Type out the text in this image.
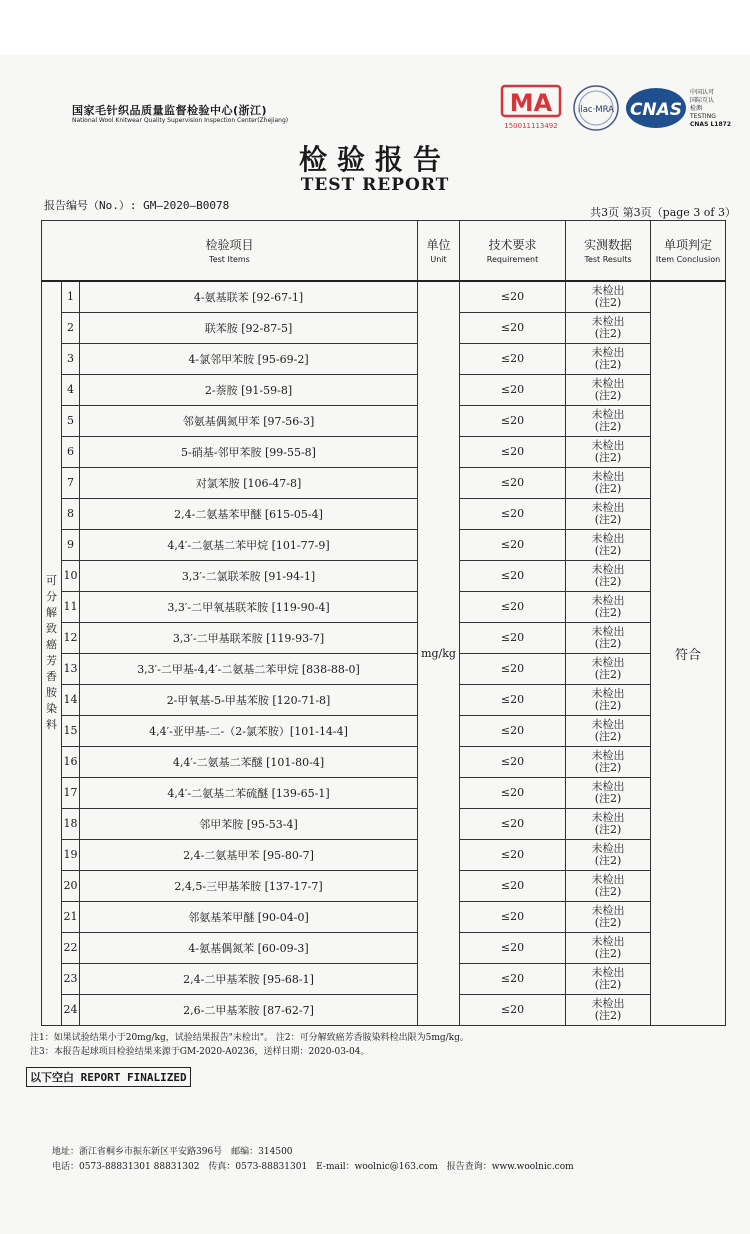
国家毛针织品质量监督检验中心(浙江)
National Wool Knitwear Quality Supervision Inspection Center(Zhejiang)
MA
150011113492
ilac·MRA CNAS
中国认可
国际互认
检测
TESTING
CNAS L1872
检验报告
TEST REPORT
报告编号（No.）: GM—2020—B0078
共3页 第3页（page 3 of 3）
检验项目
Test Items			单位
Unit	技术要求
Requirement	实测数据
Test Results	单项判定
Item Conclusion

可分解致癌芳香胺染料	1	4-氨基联苯 [92-67-1]	mg/kg	≤20	未检出
(注2)	符合
	2	联苯胺 [92-87-5]		≤20	未检出
(注2)	

	3	4-氯邻甲苯胺 [95-69-2]		≤20	未检出
(注2)	

	4	2-萘胺 [91-59-8]		≤20	未检出
(注2)	

	5	邻氨基偶氮甲苯 [97-56-3]		≤20	未检出
(注2)	

	6	5-硝基-邻甲苯胺 [99-55-8]		≤20	未检出
(注2)	

	7	对氯苯胺 [106-47-8]		≤20	未检出
(注2)	

	8	2,4-二氨基苯甲醚 [615-05-4]		≤20	未检出
(注2)	

	9	4,4′-二氨基二苯甲烷 [101-77-9]		≤20	未检出
(注2)	

	10	3,3′-二氯联苯胺 [91-94-1]		≤20	未检出
(注2)	

	11	3,3′-二甲氧基联苯胺 [119-90-4]		≤20	未检出
(注2)	

	12	3,3′-二甲基联苯胺 [119-93-7]		≤20	未检出
(注2)	

	13	3,3′-二甲基-4,4′-二氨基二苯甲烷 [838-88-0]		≤20	未检出
(注2)	

	14	2-甲氧基-5-甲基苯胺 [120-71-8]		≤20	未检出
(注2)	

	15	4,4′-亚甲基-二-（2-氯苯胺）[101-14-4]		≤20	未检出
(注2)	

	16	4,4′-二氨基二苯醚 [101-80-4]		≤20	未检出
(注2)	

	17	4,4′-二氨基二苯硫醚 [139-65-1]		≤20	未检出
(注2)	

	18	邻甲苯胺 [95-53-4]		≤20	未检出
(注2)	

	19	2,4-二氨基甲苯 [95-80-7]		≤20	未检出
(注2)	

	20	2,4,5-三甲基苯胺 [137-17-7]		≤20	未检出
(注2)	

	21	邻氨基苯甲醚 [90-04-0]		≤20	未检出
(注2)	

	22	4-氨基偶氮苯 [60-09-3]		≤20	未检出
(注2)	

	23	2,4-二甲基苯胺 [95-68-1]		≤20	未检出
(注2)	

	24	2,6-二甲基苯胺 [87-62-7]		≤20	未检出
(注2)	
注1：如果试验结果小于20mg/kg，试验结果报告"未检出"。 注2：可分解致癌芳香胺染料检出限为5mg/kg。
注3：本报告起球项目检验结果来源于GM-2020-A0236，送样日期：2020-03-04。
以下空白 REPORT FINALIZED
地址：浙江省桐乡市振东新区平安路396号　邮编：314500
电话：0573-88831301 88831302　传真：0573-88831301　E-mail：woolnic@163.com　报告查询：www.woolnic.com
